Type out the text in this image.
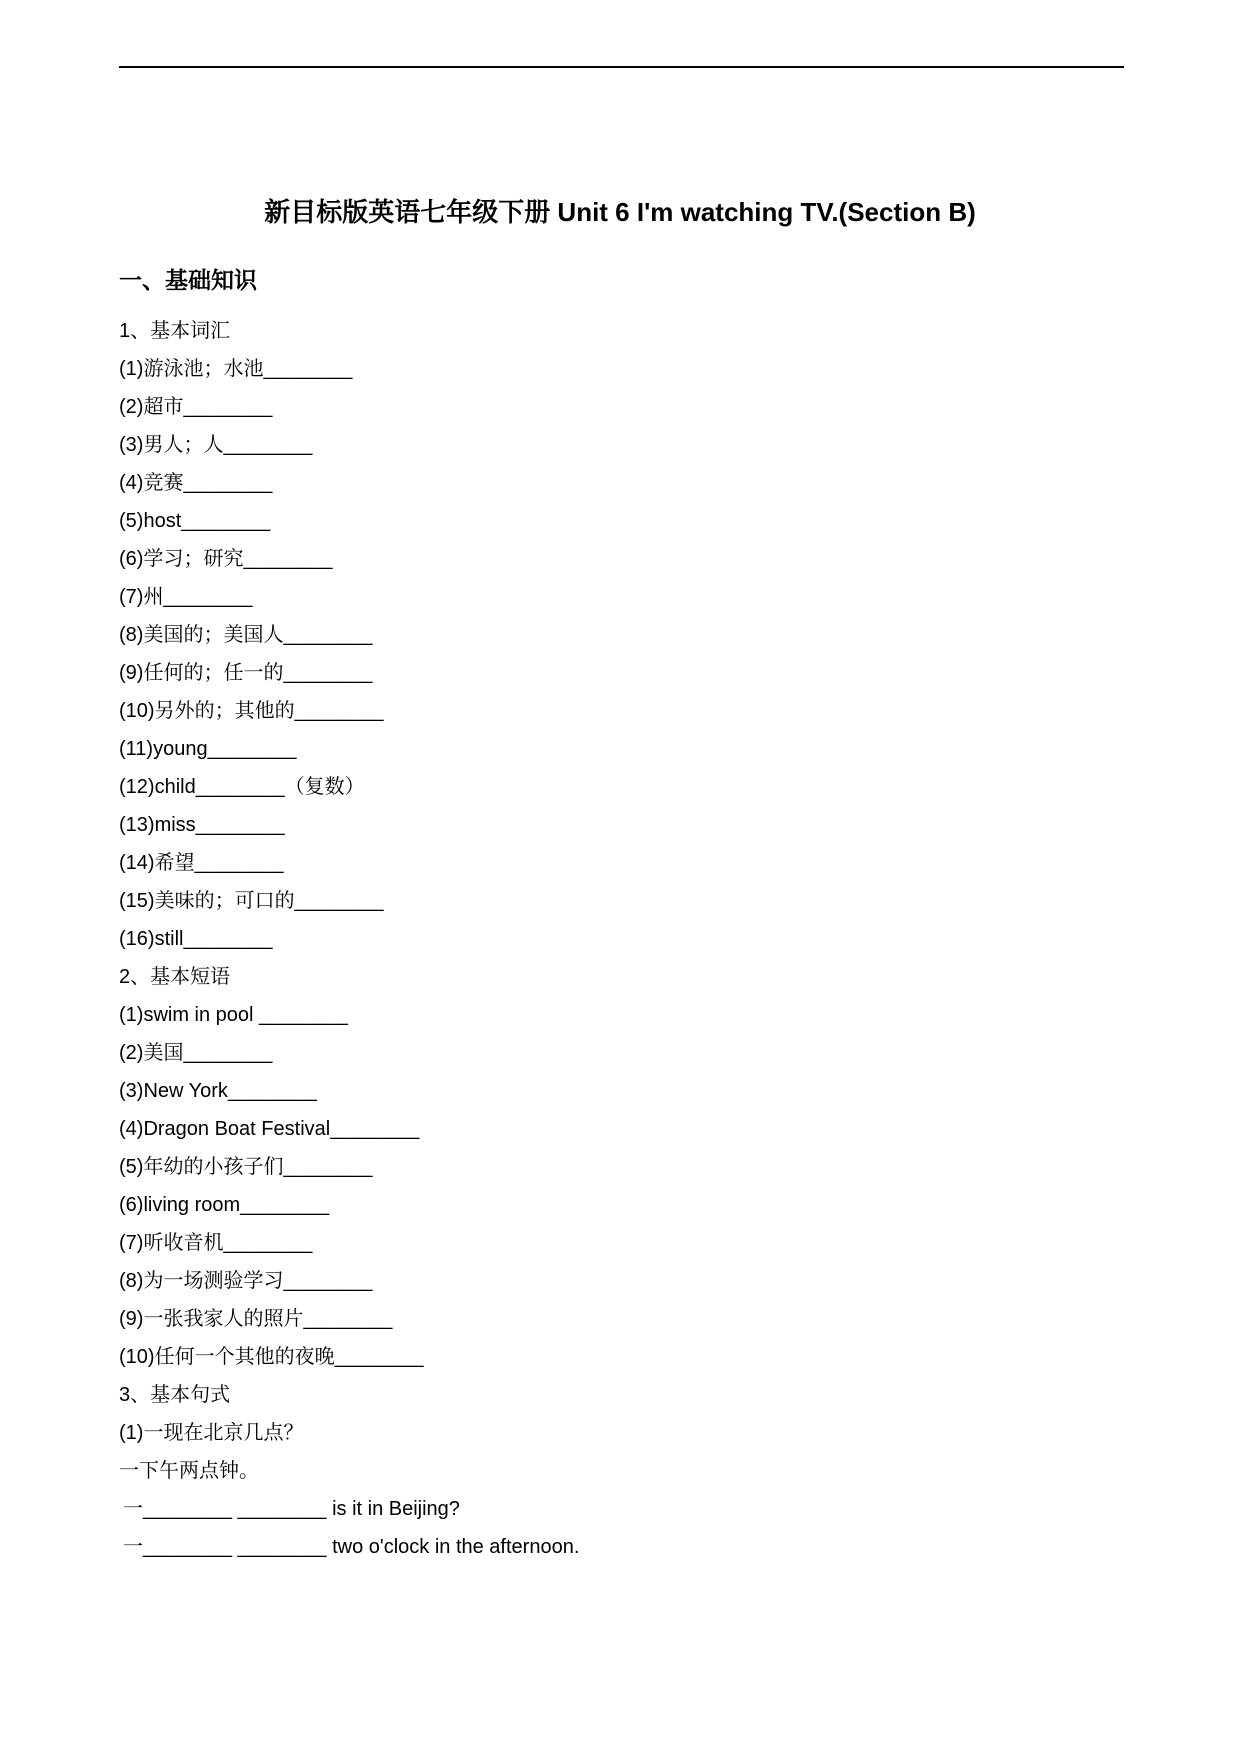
新目标版英语七年级下册 Unit 6 I'm watching TV.(Section B)
一、基础知识
1、基本词汇
(1)游泳池；水池________
(2)超市________
(3)男人；人________
(4)竞赛________
(5)host________
(6)学习；研究________
(7)州________
(8)美国的；美国人________
(9)任何的；任一的________
(10)另外的；其他的________
(11)young________
(12)child________（复数）
(13)miss________
(14)希望________
(15)美味的；可口的________
(16)still________
2、基本短语
(1)swim in pool ________
(2)美国________
(3)New York________
(4)Dragon Boat Festival________
(5)年幼的小孩子们________
(6)living room________
(7)听收音机________
(8)为一场测验学习________
(9)一张我家人的照片________
(10)任何一个其他的夜晚________
3、基本句式
(1)一现在北京几点？
一下午两点钟。
一________ ________ is it in Beijing?
一________ ________ two o'clock in the afternoon.
